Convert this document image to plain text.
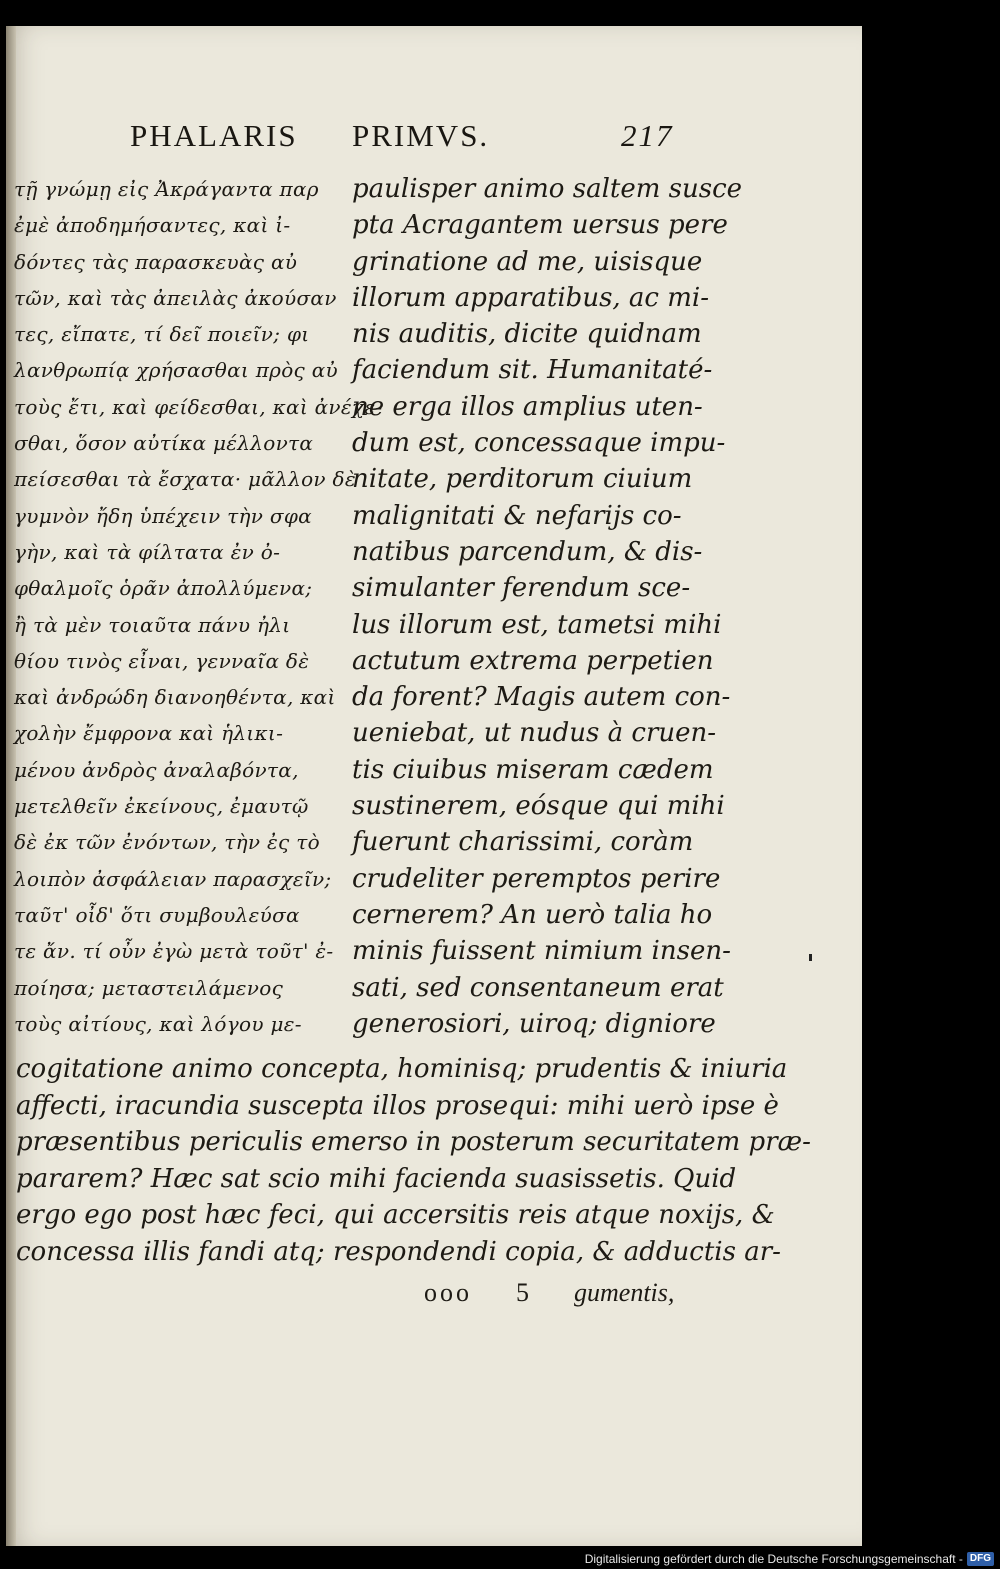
PHALARIS PRIMVS.	217
τῇ γνώμῃ εἰς Ἀκράγαντα παρ
ἐμὲ ἀποδημήσαντες, καὶ ἰ-
δόντες τὰς παρασκευὰς αὐ
τῶν, καὶ τὰς ἀπειλὰς ἀκούσαν
τες, εἴπατε, τί δεῖ ποιεῖν; φι
λανθρωπίᾳ χρήσασθαι πρὸς αὐ
τοὺς ἔτι, καὶ φείδεσθαι, καὶ ἀνέχε-
σθαι, ὅσον αὐτίκα μέλλοντα
πείσεσθαι τὰ ἔσχατα· μᾶλλον δὲ
γυμνὸν ἤδη ὑπέχειν τὴν σφα
γὴν, καὶ τὰ φίλτατα ἐν ὀ-
φθαλμοῖς ὁρᾶν ἀπολλύμενα;
ἢ τὰ μὲν τοιαῦτα πάνυ ἠλι
θίου τινὸς εἶναι, γενναῖα δὲ
καὶ ἀνδρώδη διανοηθέντα, καὶ
χολὴν ἔμφρονα καὶ ἡλικι-
μένου ἀνδρὸς ἀναλαβόντα,
μετελθεῖν ἐκείνους, ἐμαυτῷ
δὲ ἐκ τῶν ἐνόντων, τὴν ἐς τὸ
λοιπὸν ἀσφάλειαν παρασχεῖν;
ταῦτ' οἶδ' ὅτι συμβουλεύσα
τε ἄν. τί οὖν ἐγὼ μετὰ τοῦτ' ἐ-
ποίησα; μεταστειλάμενος
τοὺς αἰτίους, καὶ λόγου με-
paulisper animo saltem susce
pta Acragantem uersus pere
grinatione ad me, uisisque
illorum apparatibus, ac mi-
nis auditis, dicite quidnam
faciendum sit. Humanitaté-
ne erga illos amplius uten-
dum est, concessaque impu-
nitate, perditorum ciuium
malignitati & nefarijs co-
natibus parcendum, & dis-
simulanter ferendum sce-
lus illorum est, tametsi mihi
actutum extrema perpetien
da forent? Magis autem con-
ueniebat, ut nudus à cruen-
tis ciuibus miseram cædem
sustinerem, eósque qui mihi
fuerunt charissimi, coràm
crudeliter peremptos perire
cernerem? An uerò talia ho
minis fuissent nimium insen-
sati, sed consentaneum erat
generosiori, uiroq; digniore
cogitatione animo concepta, hominisq; prudentis & iniuria
affecti, iracundia suscepta illos prosequi: mihi uerò ipse è
præsentibus periculis emerso in posterum securitatem præ-
pararem? Hæc sat scio mihi facienda suasissetis. Quid
ergo ego post hæc feci, qui accersitis reis atque noxijs, &
concessa illis fandi atq; respondendi copia, & adductis ar-
ooo 5 gumentis,
Digitalisierung gefördert durch die Deutsche Forschungsgemeinschaft - DFG
